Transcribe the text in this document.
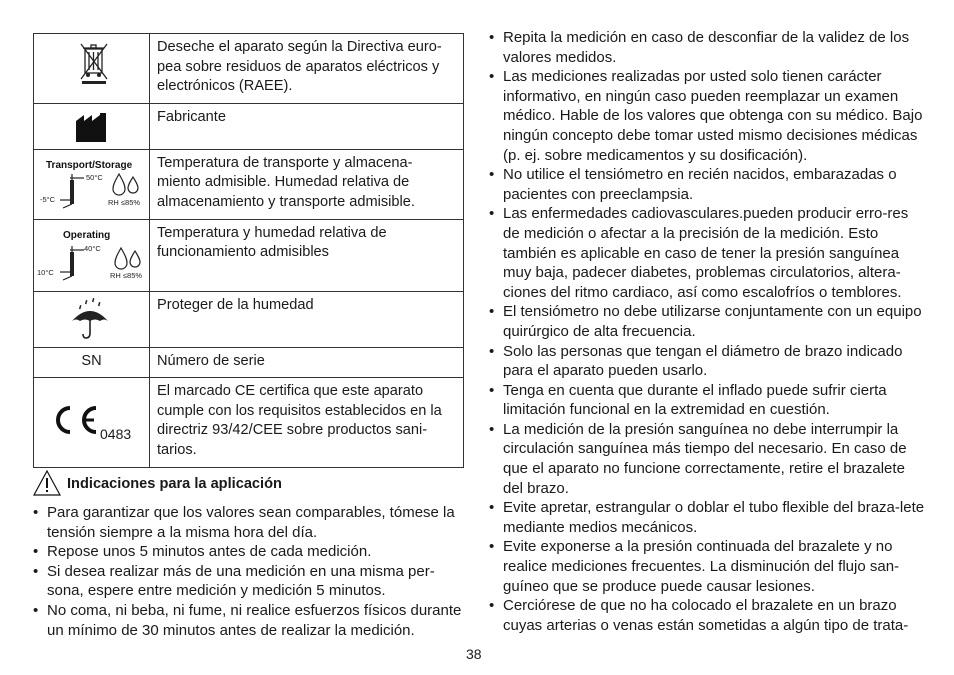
	Deseche el aparato según la Directiva euro-pea sobre residuos de aparatos eléctricos y electrónicos (RAEE).

	Fabricante

Transport/Storage
50°C
-5°C RH ≤85%	Temperatura de transporte y almacena-miento admisible. Humedad relativa de almacenamiento y transporte admisible.

Operating
40°C
10°C RH ≤85%	Temperatura y humedad relativa de funcionamiento admisibles

	Proteger de la humedad
SN	Número de serie

0483	El marcado CE certifica que este aparato cumple con los requisitos establecidos en la directriz 93/42/CEE sobre productos sani-tarios.
Indicaciones para la aplicación
• Para garantizar que los valores sean comparables, tómese la tensión siempre a la misma hora del día.
• Repose unos 5 minutos antes de cada medición.
• Si desea realizar más de una medición en una misma per-sona, espere entre medición y medición 5 minutos.
• No coma, ni beba, ni fume, ni realice esfuerzos físicos durante un mínimo de 30 minutos antes de realizar la medición.
• Repita la medición en caso de desconfiar de la validez de los valores medidos.
• Las mediciones realizadas por usted solo tienen carácter informativo, en ningún caso pueden reemplazar un examen médico. Hable de los valores que obtenga con su médico. Bajo ningún concepto debe tomar usted mismo decisiones médicas (p. ej. sobre medicamentos y su dosificación).
• No utilice el tensiómetro en recién nacidos, embarazadas o pacientes con preeclampsia.
• Las enfermedades cadiovasculares.pueden producir erro-res de medición o afectar a la precisión de la medición. Esto también es aplicable en caso de tener la presión sanguínea muy baja, padecer diabetes, problemas circulatorios, altera-ciones del ritmo cardiaco, así como escalofríos o temblores.
• El tensiómetro no debe utilizarse conjuntamente con un equipo quirúrgico de alta frecuencia.
• Solo las personas que tengan el diámetro de brazo indicado para el aparato pueden usarlo.
• Tenga en cuenta que durante el inflado puede sufrir cierta limitación funcional en la extremidad en cuestión.
• La medición de la presión sanguínea no debe interrumpir la circulación sanguínea más tiempo del necesario. En caso de que el aparato no funcione correctamente, retire el brazalete del brazo.
• Evite apretar, estrangular o doblar el tubo flexible del braza-lete mediante medios mecánicos.
• Evite exponerse a la presión continuada del brazalete y no realice mediciones frecuentes. La disminución del flujo san-guíneo que se produce puede causar lesiones.
• Cerciórese de que no ha colocado el brazalete en un brazo cuyas arterias o venas están sometidas a algún tipo de trata-
38
